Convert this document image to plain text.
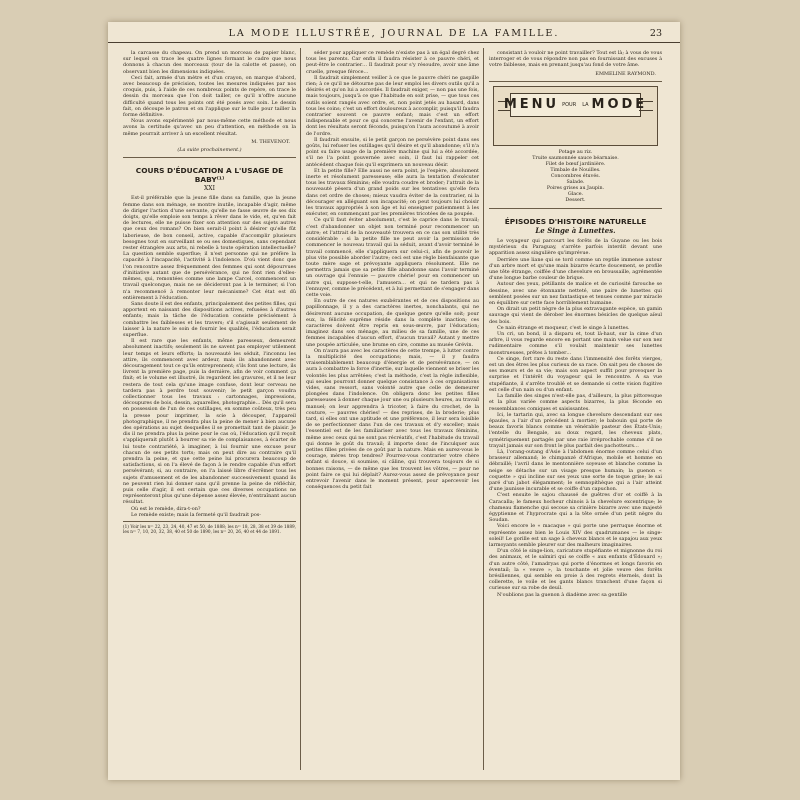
LA MODE ILLUSTRÉE, JOURNAL DE LA FAMILLE.	23

la carcasse du chapeau. On prend un morceau de papier blanc, sur lequel on trace les quatre lignes formant le cadre que nous donnons à chacun des morceaux (tour de la calotte et passe), on observant bien les dimensions indiquées.

Ceci fait, armée d'un mètre et d'un crayon, on marque d'abord, avec beaucoup de précision, toutes les mesures indiquées par nos croquis, puis, à l'aide de ces nombreux points de repère, on trace le dessin du morceau que l'on doit tailler, ce qu'il n'offre aucune difficulté quand tous les points ont été posés avec soin. Le dessin fait, on découpe le patron et on l'applique sur le tulle pour tailler la forme définitive.

Nous avons expérimenté par nous-même cette méthode et nous avons la certitude qu'avec un peu d'attention, en méthode on la même pourrait arriver à un excellent résultat.

M. THEVENOT.
(La suite prochainement.)
COURS D'ÉDUCATION A L'USAGE DE BABY⁽¹⁾
XXI

Est-il préférable que la jeune fille dans sa famille, que la jeune femme dans son ménage, se montre inutile, incapable d'agir, même de diriger l'action d'une servante, qu'elle ne fasse œuvre de ses dix doigts, qu'elle emploie son temps à rêver dans le vide, et, qu'en fait de lectures, elle ne puisse fixer son attention sur des sujets autres que ceux des romans? On bien serait-il point à désirer qu'elle fût laborieuse, de bon conseil, active, capable d'accomplir plusieurs besognes tout en surveillant se ou ses domestiques, sans cependant rester étrangère aux arts, ni rebelle à toute opération intellectuelle? La question semble superflue; il n'est personne qui ne préfère la capacité à l'incapacité, l'activité à l'indolence. D'où vient donc que l'on rencontre assez fréquemment des femmes qui sont dépourvues d'initiative autant que de persévérance, qui ne font rien d'elles-mêmes, qui, remontées comme une lampe Carcel, commencent un travail quelconque, mais ne se décideront pas à le terminer, si l'on n'a recommencé à remonter leur mécanisme? Cet état est dû entièrement à l'éducation.

Sans doute il est des enfants, principalement des petites filles, qui apportent en naissant des dispositions actives, refusées à d'autres enfants; mais la tâche de l'éducation consiste précisément à combattre les faiblesses et les travers; s'il s'agissait seulement de laisser à la nature le soin de fournir les qualités, l'éducation serait superflue.

Il est rare que les enfants, même paresseux, demeurent absolument inactifs; seulement ils ne savent pas employer utilement leur temps et leurs efforts; la nouveauté les séduit, l'inconnu les attire, ils commencent avec ardeur, mais ils abandonnent avec découragement tout ce qu'ils entreprennent; s'ils font une lecture, ils livrent la première page, puis la dernière, afin de voir comment ça finit; et le volume est illustré, ils regardent les gravures, et il ne leur restera de tout cela qu'une image confuse, dont leur cerveau ne tardera pas à perdre tout souvenir; le petit garçon voudra collectionner tous les travaux : cartonnages, impressions, découpures de bois, dessin, aquarelles, photographie… Dès qu'il sera en possession de l'un de ces outillages, en somme coûteux, très peu la presse pour imprimer, la scie à découper, l'appareil photographique, il ne prendra plus la peine de mener à bien aucune des opérations au sujet desquelles il se promettait tant de plaisir. Je dis il ne prendra plus la peine pour le cas où, l'éducation qu'il reçoit s'appliquerait plutôt à bourrer sa vie de complaisances, à écarter de lui toute contrariété, à imaginer, à lui fournir une excuse pour chacun de ses petits torts; mais on peut dire au contraire qu'il prendra la peine, et que cette peine lui procurera beaucoup de satisfactions, si on l'a élevé de façon à le rendre capable d'un effort persévérant; si, au contraire, on l'a laissé libre d'écrêmer tous les sujets d'amusement et de les abandonner successivement quand ils ne peuvent rien lui donner sans qu'il prenne la peine de réfléchir, puis celle d'agir, il est certain que ces diverses occupations ne représenteront plus qu'une dépense assez élevée, n'entraînant aucun résultat.

Où est le remède, dira-t-on?

Le remède existe; mais la fermeté qu'il faudrait pos-

(1) Voir les nᵒˢ 22, 23, 24, 40, 47 et 50, de 1888; les nᵒˢ 18, 28, 38 et 39 de 1889, les nᵒˢ 7, 10, 20, 32, 38, 40 et 50 de 1890, les nᵒˢ 20, 26, 40 et 44 de 1891.

séder pour appliquer ce remède n'existe pas à un égal degré chez tous les parents. Car enfin il faudra résister à ce pauvre chéri, et peut-être le contrarier… Il faudrait pour s'y résoudre, avoir une âme cruelle, presque féroce…

Il faudrait simplement veiller à ce que le pauvre chéri ne gaspille rien; à ce qu'il ne détourne pas de leur emploi les divers outils qu'il a désirés et qu'on lui a accordés. Il faudrait exiger, — non pas une fois, mais toujours, jusqu'à ce que l'habitude en soit prise, — que tous ces outils soient rangés avec ordre, et, non point jetés au hasard, dans tous les coins; c'est un effort douloureux à accomplir, puisqu'il faudra contrarier souvent ce pauvre enfant; mais c'est un effort indispensable et pour ce qui concerne l'avenir de l'enfant, un effort dont les résultats seront féconds, puisqu'on l'aura accoutumé à avoir de l'ordre.

Il faudrait ensuite, si le petit garçon ne persévère point dans ses goûts, lui refuser les outillages qu'il désire et qu'il abandonne; s'il n'a point su faire usage de la première machine qui lui a été accordée, s'il ne l'a point gouvernée avec soin, il faut lui rappeler cet antécédent chaque fois qu'il exprimera un nouveau désir.

Et la petite fille? Elle aussi ne sera point, je l'espère, absolument inerte et résolument paresseuse; elle aura la tentation d'exécuter tous les travaux féminins; elle voudra coudre et broder; l'attrait de la nouveauté pèsera d'un grand poids sur les tentatives qu'elle fera dans cet ordre de choses; mieux vaudra éviter de la contrarier, ni la décourager en alléguant son incapacité; on peut toujours lui choisir les travaux appropriés à son âge et lui enseigner patiemment à les exécuter, en commençant par les premières tricotées de sa poupée.

Ce qu'il faut éviter absolument, c'est le caprice dans le travail; c'est d'abandonner un objet non terminé pour recommencer un autre; et l'attrait de la nouveauté trouvera en ce cas son utilité très considérable : si la petite fille ne peut avoir la permission de commencer le nouveau travail qui la séduit, avant d'avoir terminé le travail commencé, elle s'appliquera sur celui-ci, afin de pouvoir le plus vite possible aborder l'autre; ceci est une règle bienfaisante que toute mère sage et prévoyante appliquera résolument. Elle ne permettra jamais que sa petite fille abandonne sans l'avoir terminé un ouvrage qui l'ennuie — pauvre chérie! pour en commencer un autre qui, suppose-t-elle, l'amusera… et qui ne tardera pas à l'ennuyer, comme le précédent, et à lui permettant de s'engager dans cette voie.

En outre de ces natures exubérantes et de ces dispositions au papillonnage, il y a des caractères inertes, nonchalants, qui ne désireront aucune occupation, de quelque genre qu'elle soit; pour eux, la félicité suprême réside dans la complète inaction; ces caractères doivent être repris en sous-œuvre, par l'éducation; imaginez dans son ménage, au milieu de sa famille, une de ces femmes incapables d'aucun effort, d'aucun travail? Autant y mettre une poupée articulée, une brume en cire, comme au musée Grévin.

On n'aura pas avec les caractères de cette trempe, à lutter contre la multiplicité des occupations; mais, — il y faudra vraisemblablement beaucoup d'énergie et de persévérance, — on aura à combattre la force d'inertie, sur laquelle viennent se briser les volontés les plus arrêtées; c'est la méthode, c'est la règle inflexible, qui seules pourront donner quelque consistance à ces organisations vides, sans ressort, sans volonté autre que celle de demeurer plongées dans l'indolence. On obligera donc les petites filles paresseuses à donner chaque jour une ou plusieurs heures, au travail manuel; on leur apprendra à tricoter, à faire du crochet, de la couture, — pauvres chéries! — des reprises, de la broderie; plus tard, si elles ont une aptitude et une préférence, il leur sera loisible de se perfectionner dans l'un de ces travaux et d'y exceller; mais l'essentiel est de les familiariser avec tous les travaux féminins, même avec ceux qui ne sont pas récréatifs, c'est l'habitude du travail qui donne le goût du travail; il importe donc de l'inculquer aux petites filles privées de ce goût par la nature. Mais en aurez-vous le courage, mères trop tendres? Pourrez-vous contrarier votre chère enfant si douce, si soumise, si câline, qui trouvera toujours de si bonnes raisons, — de même que les trouvent les vôtres, — pour ne point faire ce qui lui déplait? Aurez-vous assez de prévoyance pour entrevoir l'avenir dans le moment présent, pour apercevoir les conséquences du petit fait

consistant à vouloir ne point travailler? Tout est là; à vous de vous interroger et de vous répondre non pas en fournissant des excuses à votre faiblesse, mais en prenant jusqu'au fond de votre âme.

EMMELINE RAYMOND.
MENU POUR LA MODE
Potage au riz.
Truite saumonnée sauce béarnaise.
Filet de bœuf jardinière.
Timbale de Nouilles.
Concombres étuvés.
Salade.
Poires grises au Jaupin.
Glace.
Dessert.
ÉPISODES D'HISTOIRE NATURELLE
Le Singe à Lunettes.

Le voyageur qui parcourt les forêts de la Guyane ou les bois mystérieux du Paraguay, s'arrête parfois interdit devant une apparition assez singulière qu'imprévue.

Derrière une liane qui se tord comme un reptile immense autour d'un arbre mort et qu'une main bizarre écarte doucement, se profile une tête étrange, coiffée d'une chevelure en broussaille, agrémentée d'une longue barbe couleur de brique.

Autour des yeux, pétillants de malice et de curiosité farouche se dessine, avec une étonnante netteté, une paire de lunettes qui semblent posées sur un nez fantastique et tenues comme par miracle en équilibre sur cette face horriblement humaine.

On dirait un petit nègre de la plus extravagante espèce, un gamin sauvage qui vient de dérober les énormes bésicles de quelque aïeul des bois.

Ce nain étrange et moqueur, c'est le singe à lunettes.

Un cri, un bond, il a disparu et, tout là-haut, sur la cime d'un arbre, il vous regarde encore en portant une main velue sur son nez rudimentaire comme s'il voulait maintenir ses lunettes monstrueuses, prêtes à tomber…

Ce singe, fort rare du reste dans l'immensité des forêts vierges, est un des êtres les plus curieux de sa race. On sait peu de choses de ses mœurs et de sa vie; mais son aspect suffit pour provoquer la surprise et l'intérêt du voyageur qui le rencontre. A sa vue stupéfiante, il s'arrête troublé et se demande si cette vision fugitive est celle d'un nain ou d'un enfant.

La famille des singes n'est-elle pas, d'ailleurs, la plus pittoresque et la plus variée comme aspects bizarres, la plus féconde en ressemblances comiques et saisissantes.

Ici, le tartarin qui, avec sa longue chevelure descendant sur ses épaules, a l'air d'un précédent à mortier; le babouin qui porte de beaux favoris blancs comme un vénérable pasteur des États-Unis; l'entelle du Bengale, au doux regard, les cheveux plats, symétriquement partagés par une raie irréprochable comme s'il ne trayait jamais sur son front le plus parfait des pachotteurs…

Là, l'orang-outang d'Asie à l'abdomen énorme comme celui d'un brasseur allemand; le chimpanzé d'Afrique, mobile et homme en débraillé; l'avril dans le mentonnière soyeuse et blanche comme la neige se détache sur un visage presque humain; la guenon « coquette » qui incline sur ses yeux une sorte de toque grise; le sai paré d'un jabot élégamment; le semnopithèque qui a l'air atteint d'une jaunisse incurable et se coiffe d'un capuchon.

C'est ensuite le sajou chaussé de guêtres d'or et coiffé à la Caracalla; le fameux hocheur chinois à la chevelure excentrique; le chameau flamenche qui secoue sa crinière bizarre avec une majesté égyptienne et l'hyprocrate qui a la tête ornée d'un petit nègre du Soudan.

Voici encore le « macaque » qui porte une perruque énorme et représente assez bien le Louis XIV des quadrumanes — le singe-soleil! Le gorille est un sage à cheveux blancs et le sapajou aux yeux larmoyants semble pleurer sur des malheurs imaginaires.

D'un côté le singe-lion, caricature stupéfiante et mignonne du roi des animaux, et le salmiri qui se coiffe « aux enfants d'Édouard »; d'un autre côté, l'amadryas qui porte d'énormes et longs favoris en éventail; la « veuve », la touchante et jolie veuve des forêts brésiliennes, qui semble en proie à des regrets éternels, dont la collerette, le voile et les gants blancs tranchent d'une façon si curieuse sur sa robe de deuil.

N'oublions pas la guenon à diadème avec sa gentille
